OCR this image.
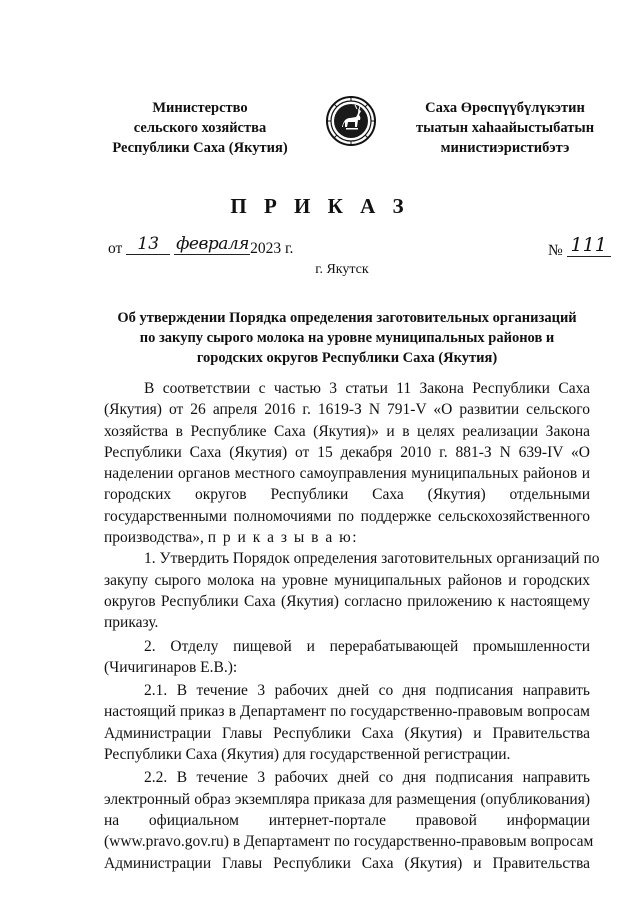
Министерство
сельского хозяйства
Республики Саха (Якутия)
Саха Өрөспүүбүлүкэтин
тыатын хаһаайыстыбатын
министиэристибэтэ
П Р И К А З
от 13 февраля2023 г.	№ 111
г. Якутск
Об утверждении Порядка определения заготовительных организаций
по закупу сырого молока на уровне муниципальных районов и
городских округов Республики Саха (Якутия)
В соответствии с частью 3 статьи 11 Закона Республики Саха
(Якутия) от 26 апреля 2016 г. 1619-З N 791-V «О развитии сельского
хозяйства в Республике Саха (Якутия)» и в целях реализации Закона
Республики Саха (Якутия) от 15 декабря 2010 г. 881-З N 639-IV «О
наделении органов местного самоуправления муниципальных районов и
городских округов Республики Саха (Якутия) отдельными
государственными полномочиями по поддержке сельскохозяйственного
производства», п р и к а з ы в а ю:
1. Утвердить Порядок определения заготовительных организаций по
закупу сырого молока на уровне муниципальных районов и городских
округов Республики Саха (Якутия) согласно приложению к настоящему
приказу.
2. Отделу пищевой и перерабатывающей промышленности
(Чичигинаров Е.В.):
2.1. В течение 3 рабочих дней со дня подписания направить
настоящий приказ в Департамент по государственно-правовым вопросам
Администрации Главы Республики Саха (Якутия) и Правительства
Республики Саха (Якутия) для государственной регистрации.
2.2. В течение 3 рабочих дней со дня подписания направить
электронный образ экземпляра приказа для размещения (опубликования)
на официальном интернет-портале правовой информации
(www.pravo.gov.ru) в Департамент по государственно-правовым вопросам
Администрации Главы Республики Саха (Якутия) и Правительства
